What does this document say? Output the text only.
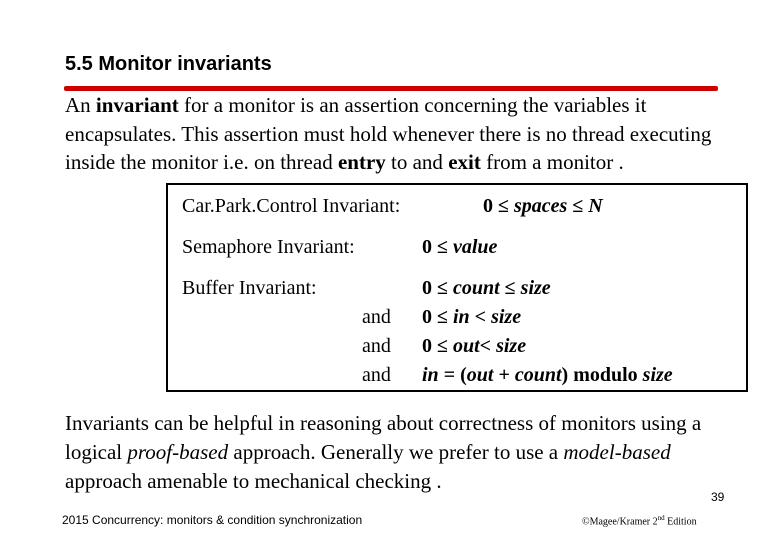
5.5 Monitor invariants
An invariant for a monitor is an assertion concerning the variables it encapsulates. This assertion must hold whenever there is no thread executing inside the monitor i.e. on thread entry to and exit from a monitor .
Car.Park.Control Invariant:	0 ≤ spaces ≤ N
Semaphore Invariant:	0 ≤ value
Buffer Invariant:	0 ≤ count ≤ size
and 0 ≤ in < size
and 0 ≤ out< size
and in = (out + count) modulo size
Invariants can be helpful in reasoning about correctness of monitors using a logical proof-based approach. Generally we prefer to use a model-based approach amenable to mechanical checking .
39
2015 Concurrency: monitors & condition synchronization	©Magee/Kramer 2nd Edition
